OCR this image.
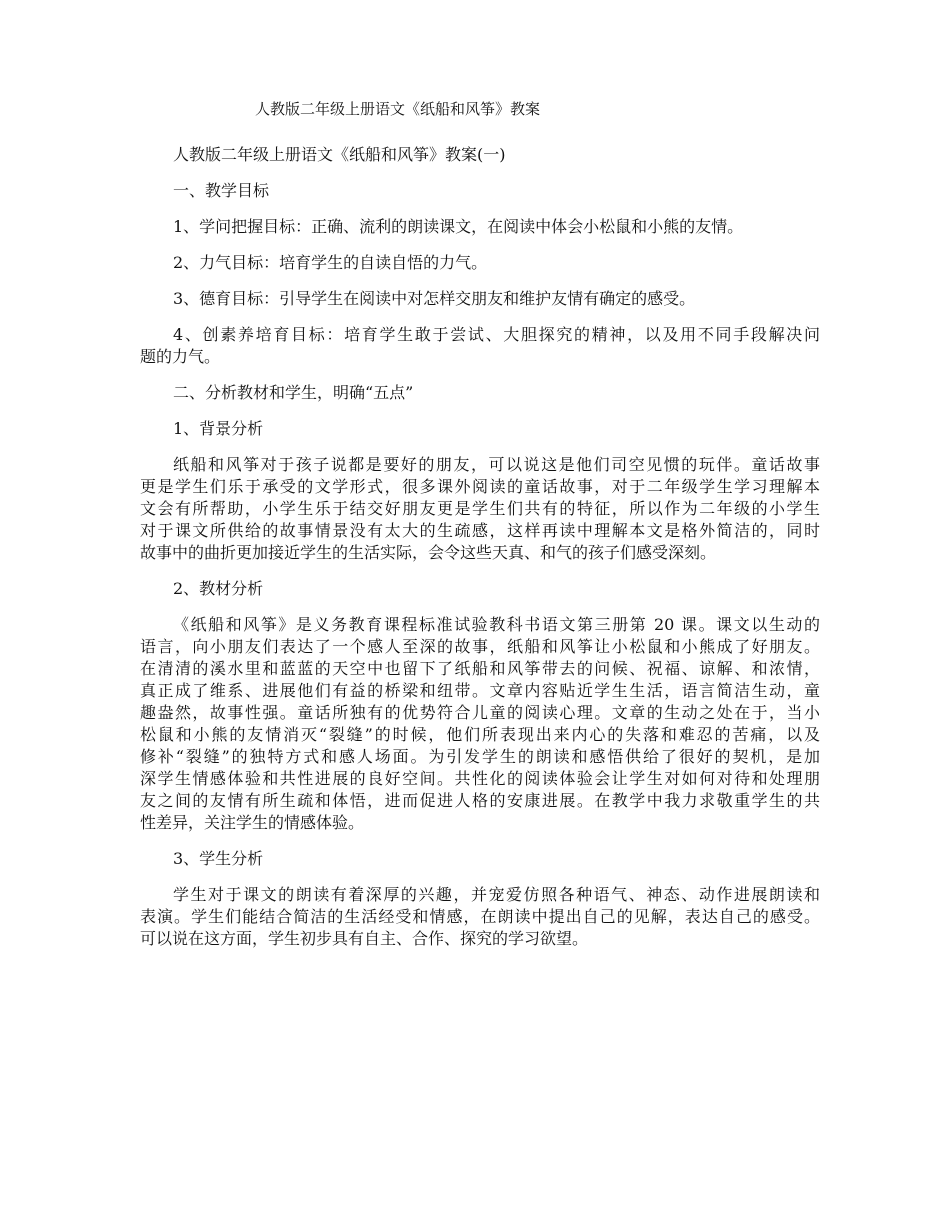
人教版二年级上册语文《纸船和风筝》教案
人教版二年级上册语文《纸船和风筝》教案(一)
一、教学目标
1、学问把握目标：正确、流利的朗读课文，在阅读中体会小松鼠和小熊的友情。
2、力气目标：培育学生的自读自悟的力气。
3、德育目标：引导学生在阅读中对怎样交朋友和维护友情有确定的感受。
4、创素养培育目标：培育学生敢于尝试、大胆探究的精神，以及用不同手段解决问
题的力气。
二、分析教材和学生，明确“五点”
1、背景分析
纸船和风筝对于孩子说都是要好的朋友，可以说这是他们司空见惯的玩伴。童话故事
更是学生们乐于承受的文学形式，很多课外阅读的童话故事，对于二年级学生学习理解本
文会有所帮助，小学生乐于结交好朋友更是学生们共有的特征，所以作为二年级的小学生
对于课文所供给的故事情景没有太大的生疏感，这样再读中理解本文是格外简洁的，同时
故事中的曲折更加接近学生的生活实际，会令这些天真、和气的孩子们感受深刻。
2、教材分析
《纸船和风筝》是义务教育课程标准试验教科书语文第三册第 20 课。课文以生动的
语言，向小朋友们表达了一个感人至深的故事，纸船和风筝让小松鼠和小熊成了好朋友。
在清清的溪水里和蓝蓝的天空中也留下了纸船和风筝带去的问候、祝福、谅解、和浓情，
真正成了维系、进展他们有益的桥梁和纽带。文章内容贴近学生生活，语言简洁生动，童
趣盎然，故事性强。童话所独有的优势符合儿童的阅读心理。文章的生动之处在于，当小
松鼠和小熊的友情消灭“裂缝”的时候，他们所表现出来内心的失落和难忍的苦痛，以及
修补“裂缝”的独特方式和感人场面。为引发学生的朗读和感悟供给了很好的契机，是加
深学生情感体验和共性进展的良好空间。共性化的阅读体验会让学生对如何对待和处理朋
友之间的友情有所生疏和体悟，进而促进人格的安康进展。在教学中我力求敬重学生的共
性差异，关注学生的情感体验。
3、学生分析
学生对于课文的朗读有着深厚的兴趣，并宠爱仿照各种语气、神态、动作进展朗读和
表演。学生们能结合简洁的生活经受和情感，在朗读中提出自己的见解，表达自己的感受。
可以说在这方面，学生初步具有自主、合作、探究的学习欲望。
